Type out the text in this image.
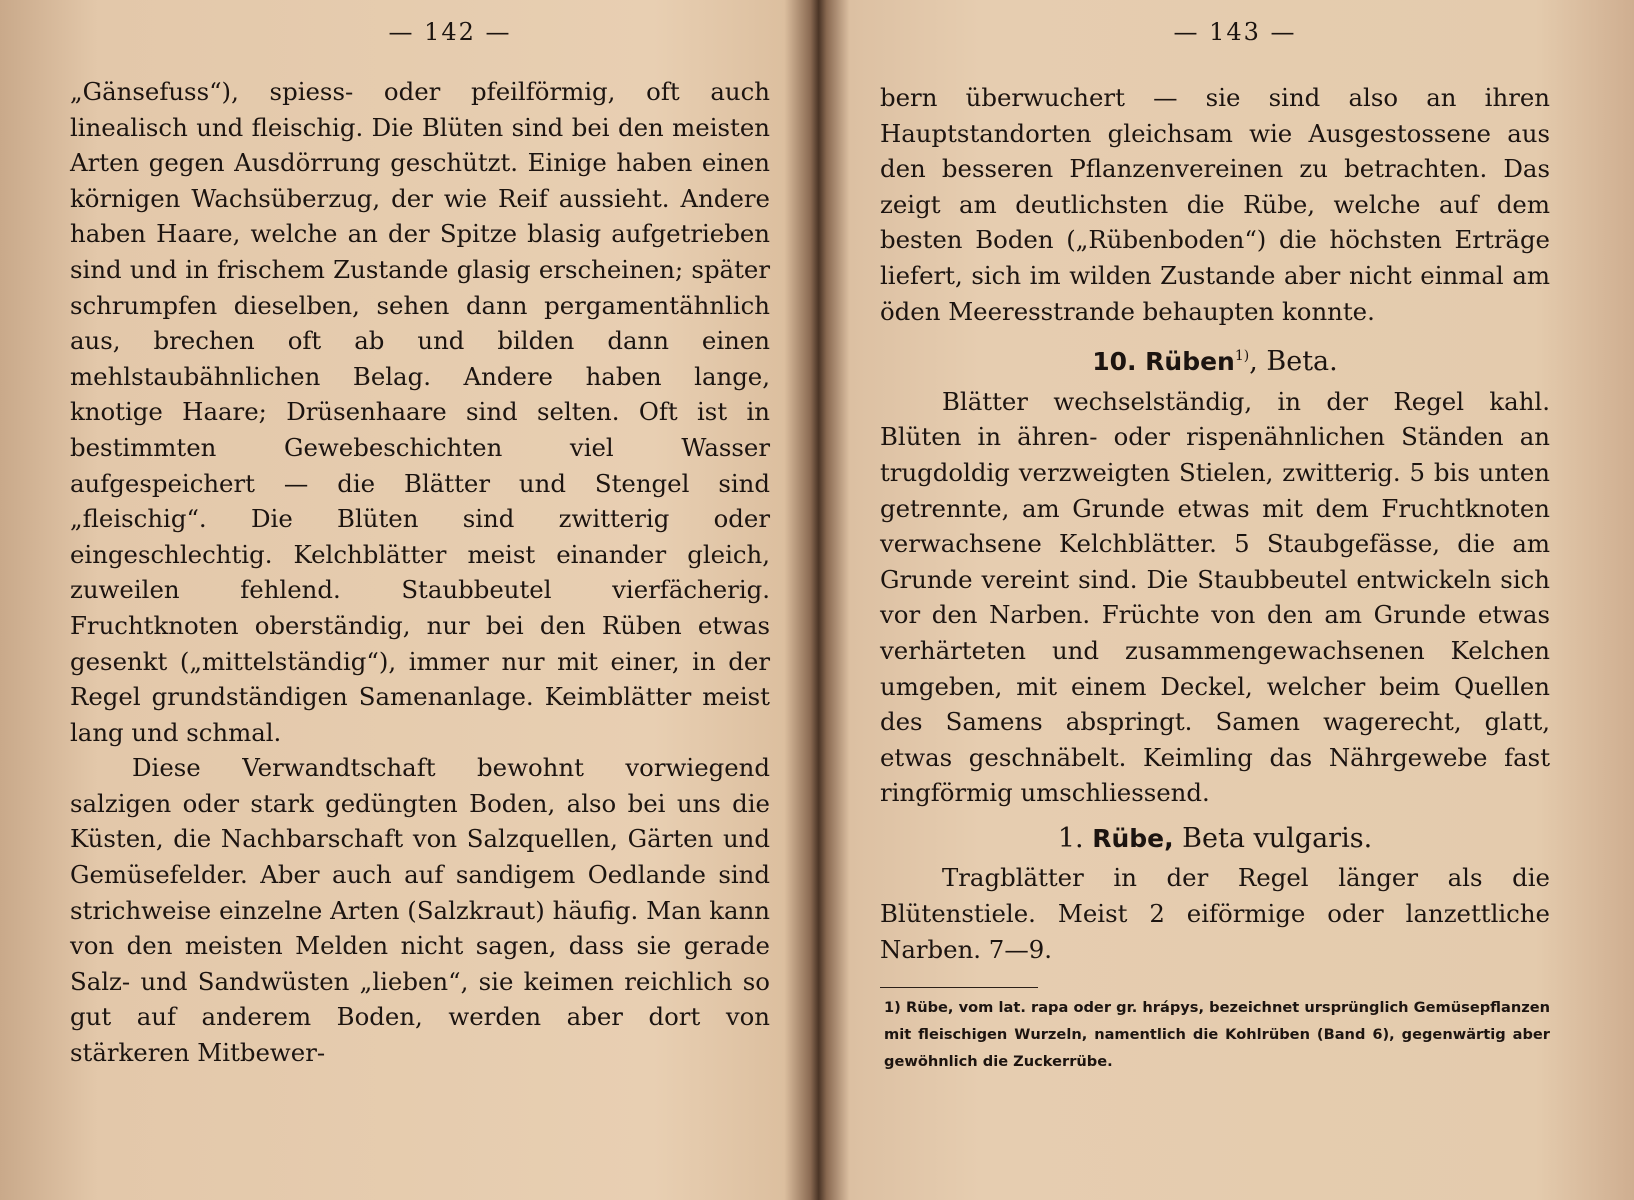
— 142 —

„Gänsefuss“), spiess- oder pfeilförmig, oft auch linealisch und fleischig. Die Blüten sind bei den meisten Arten gegen Ausdörrung geschützt. Einige haben einen körnigen Wachsüberzug, der wie Reif aussieht. Andere haben Haare, welche an der Spitze blasig aufgetrieben sind und in frischem Zustande glasig erscheinen; später schrumpfen dieselben, sehen dann pergamentähnlich aus, brechen oft ab und bilden dann einen mehlstaubähnlichen Belag. Andere haben lange, knotige Haare; Drüsenhaare sind selten. Oft ist in bestimmten Gewebeschichten viel Wasser aufgespeichert — die Blätter und Stengel sind „fleischig“. Die Blüten sind zwitterig oder eingeschlechtig. Kelchblätter meist einander gleich, zuweilen fehlend. Staubbeutel vierfächerig. Fruchtknoten oberständig, nur bei den Rüben etwas gesenkt („mittelständig“), immer nur mit einer, in der Regel grundständigen Samenanlage. Keimblätter meist lang und schmal.

Diese Verwandtschaft bewohnt vorwiegend salzigen oder stark gedüngten Boden, also bei uns die Küsten, die Nachbarschaft von Salzquellen, Gärten und Gemüsefelder. Aber auch auf sandigem Oedlande sind strichweise einzelne Arten (Salzkraut) häufig. Man kann von den meisten Melden nicht sagen, dass sie gerade Salz- und Sandwüsten „lieben“, sie keimen reichlich so gut auf anderem Boden, werden aber dort von stärkeren Mitbewer-

— 143 —

bern überwuchert — sie sind also an ihren Hauptstandorten gleichsam wie Ausgestossene aus den besseren Pflanzenvereinen zu betrachten. Das zeigt am deutlichsten die Rübe, welche auf dem besten Boden („Rübenboden“) die höchsten Erträge liefert, sich im wilden Zustande aber nicht einmal am öden Meeresstrande behaupten konnte.

10. Rüben$^{1)}$, Beta.

Blätter wechselständig, in der Regel kahl. Blüten in ähren- oder rispenähnlichen Ständen an trugdoldig verzweigten Stielen, zwitterig. 5 bis unten getrennte, am Grunde etwas mit dem Fruchtknoten verwachsene Kelchblätter. 5 Staubgefässe, die am Grunde vereint sind. Die Staubbeutel entwickeln sich vor den Narben. Früchte von den am Grunde etwas verhärteten und zusammengewachsenen Kelchen umgeben, mit einem Deckel, welcher beim Quellen des Samens abspringt. Samen wagerecht, glatt, etwas geschnäbelt. Keimling das Nährgewebe fast ringförmig umschliessend.

1. Rübe, Beta vulgaris.

Tragblätter in der Regel länger als die Blütenstiele. Meist 2 eiförmige oder lanzettliche Narben. 7—9.

1) Rübe, vom lat. rapa oder gr. hrápys, bezeichnet ursprünglich Gemüsepflanzen mit fleischigen Wurzeln, namentlich die Kohlrüben (Band 6), gegenwärtig aber gewöhnlich die Zuckerrübe.
